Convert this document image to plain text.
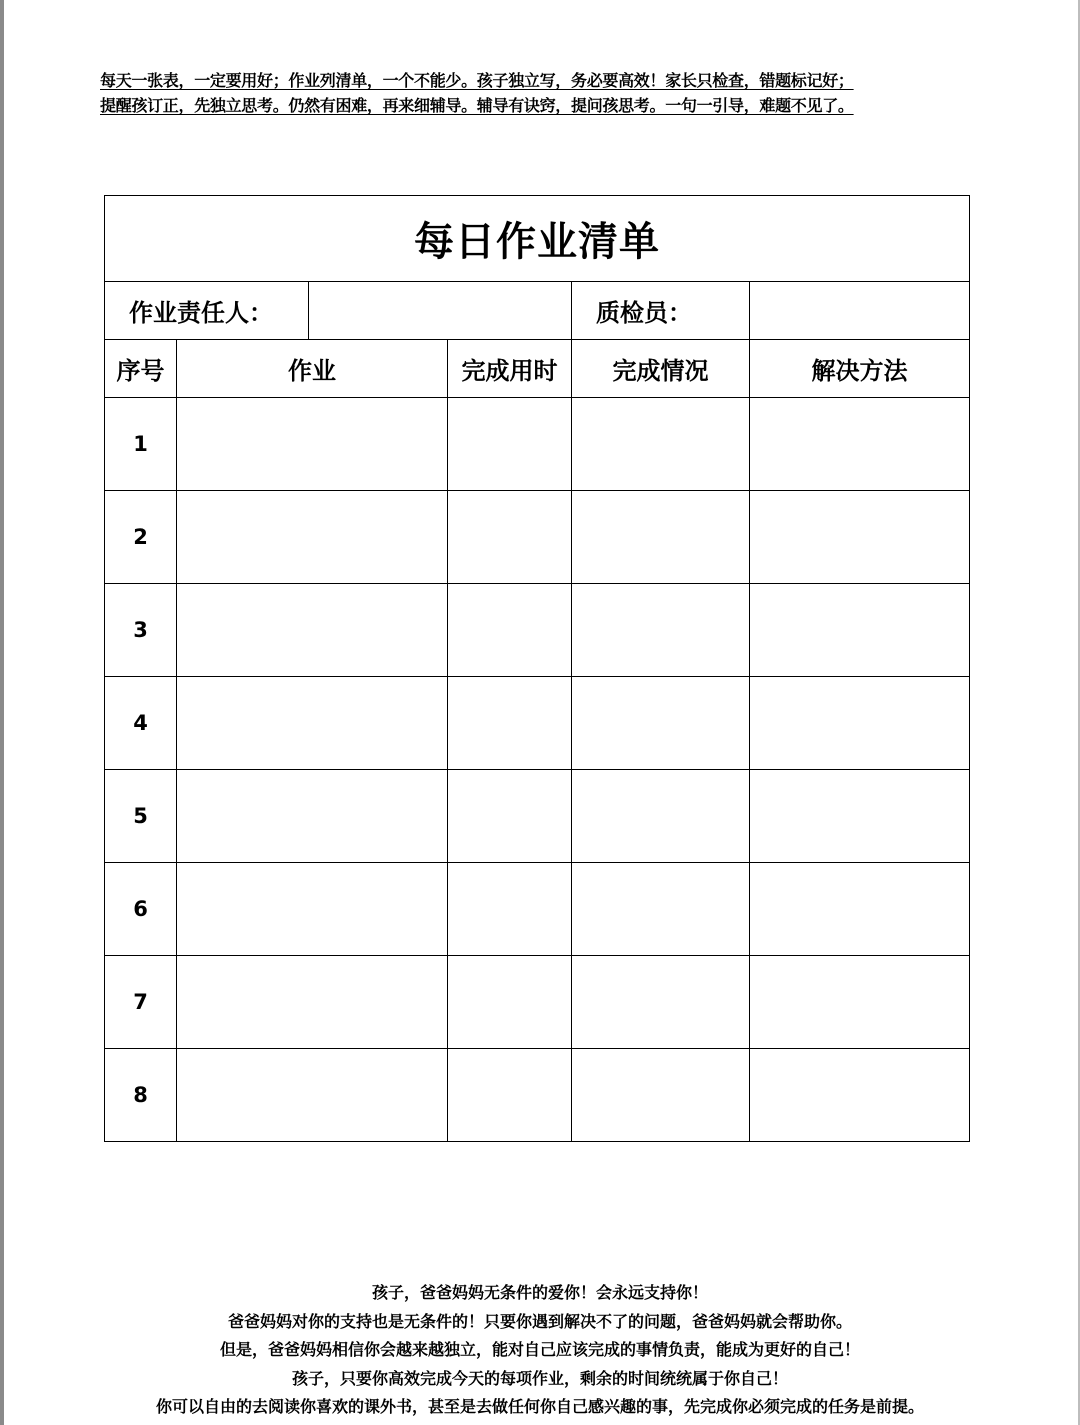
每天一张表，一定要用好；作业列清单，一个不能少。孩子独立写，务必要高效！家长只检查，错题标记好；
提醒孩订正，先独立思考。仍然有困难，再来细辅导。辅导有诀窍，提问孩思考。一句一引导，难题不见了。
每日作业清单					
作业责任人：				质检员：	
序号	作业		完成用时	完成情况	解决方法
1					
2					
3					
4					
5					
6					
7					
8					
孩子，爸爸妈妈无条件的爱你！会永远支持你！
爸爸妈妈对你的支持也是无条件的！只要你遇到解决不了的问题，爸爸妈妈就会帮助你。
但是，爸爸妈妈相信你会越来越独立，能对自己应该完成的事情负责，能成为更好的自己！
孩子，只要你高效完成今天的每项作业，剩余的时间统统属于你自己！
你可以自由的去阅读你喜欢的课外书，甚至是去做任何你自己感兴趣的事，先完成你必须完成的任务是前提。
